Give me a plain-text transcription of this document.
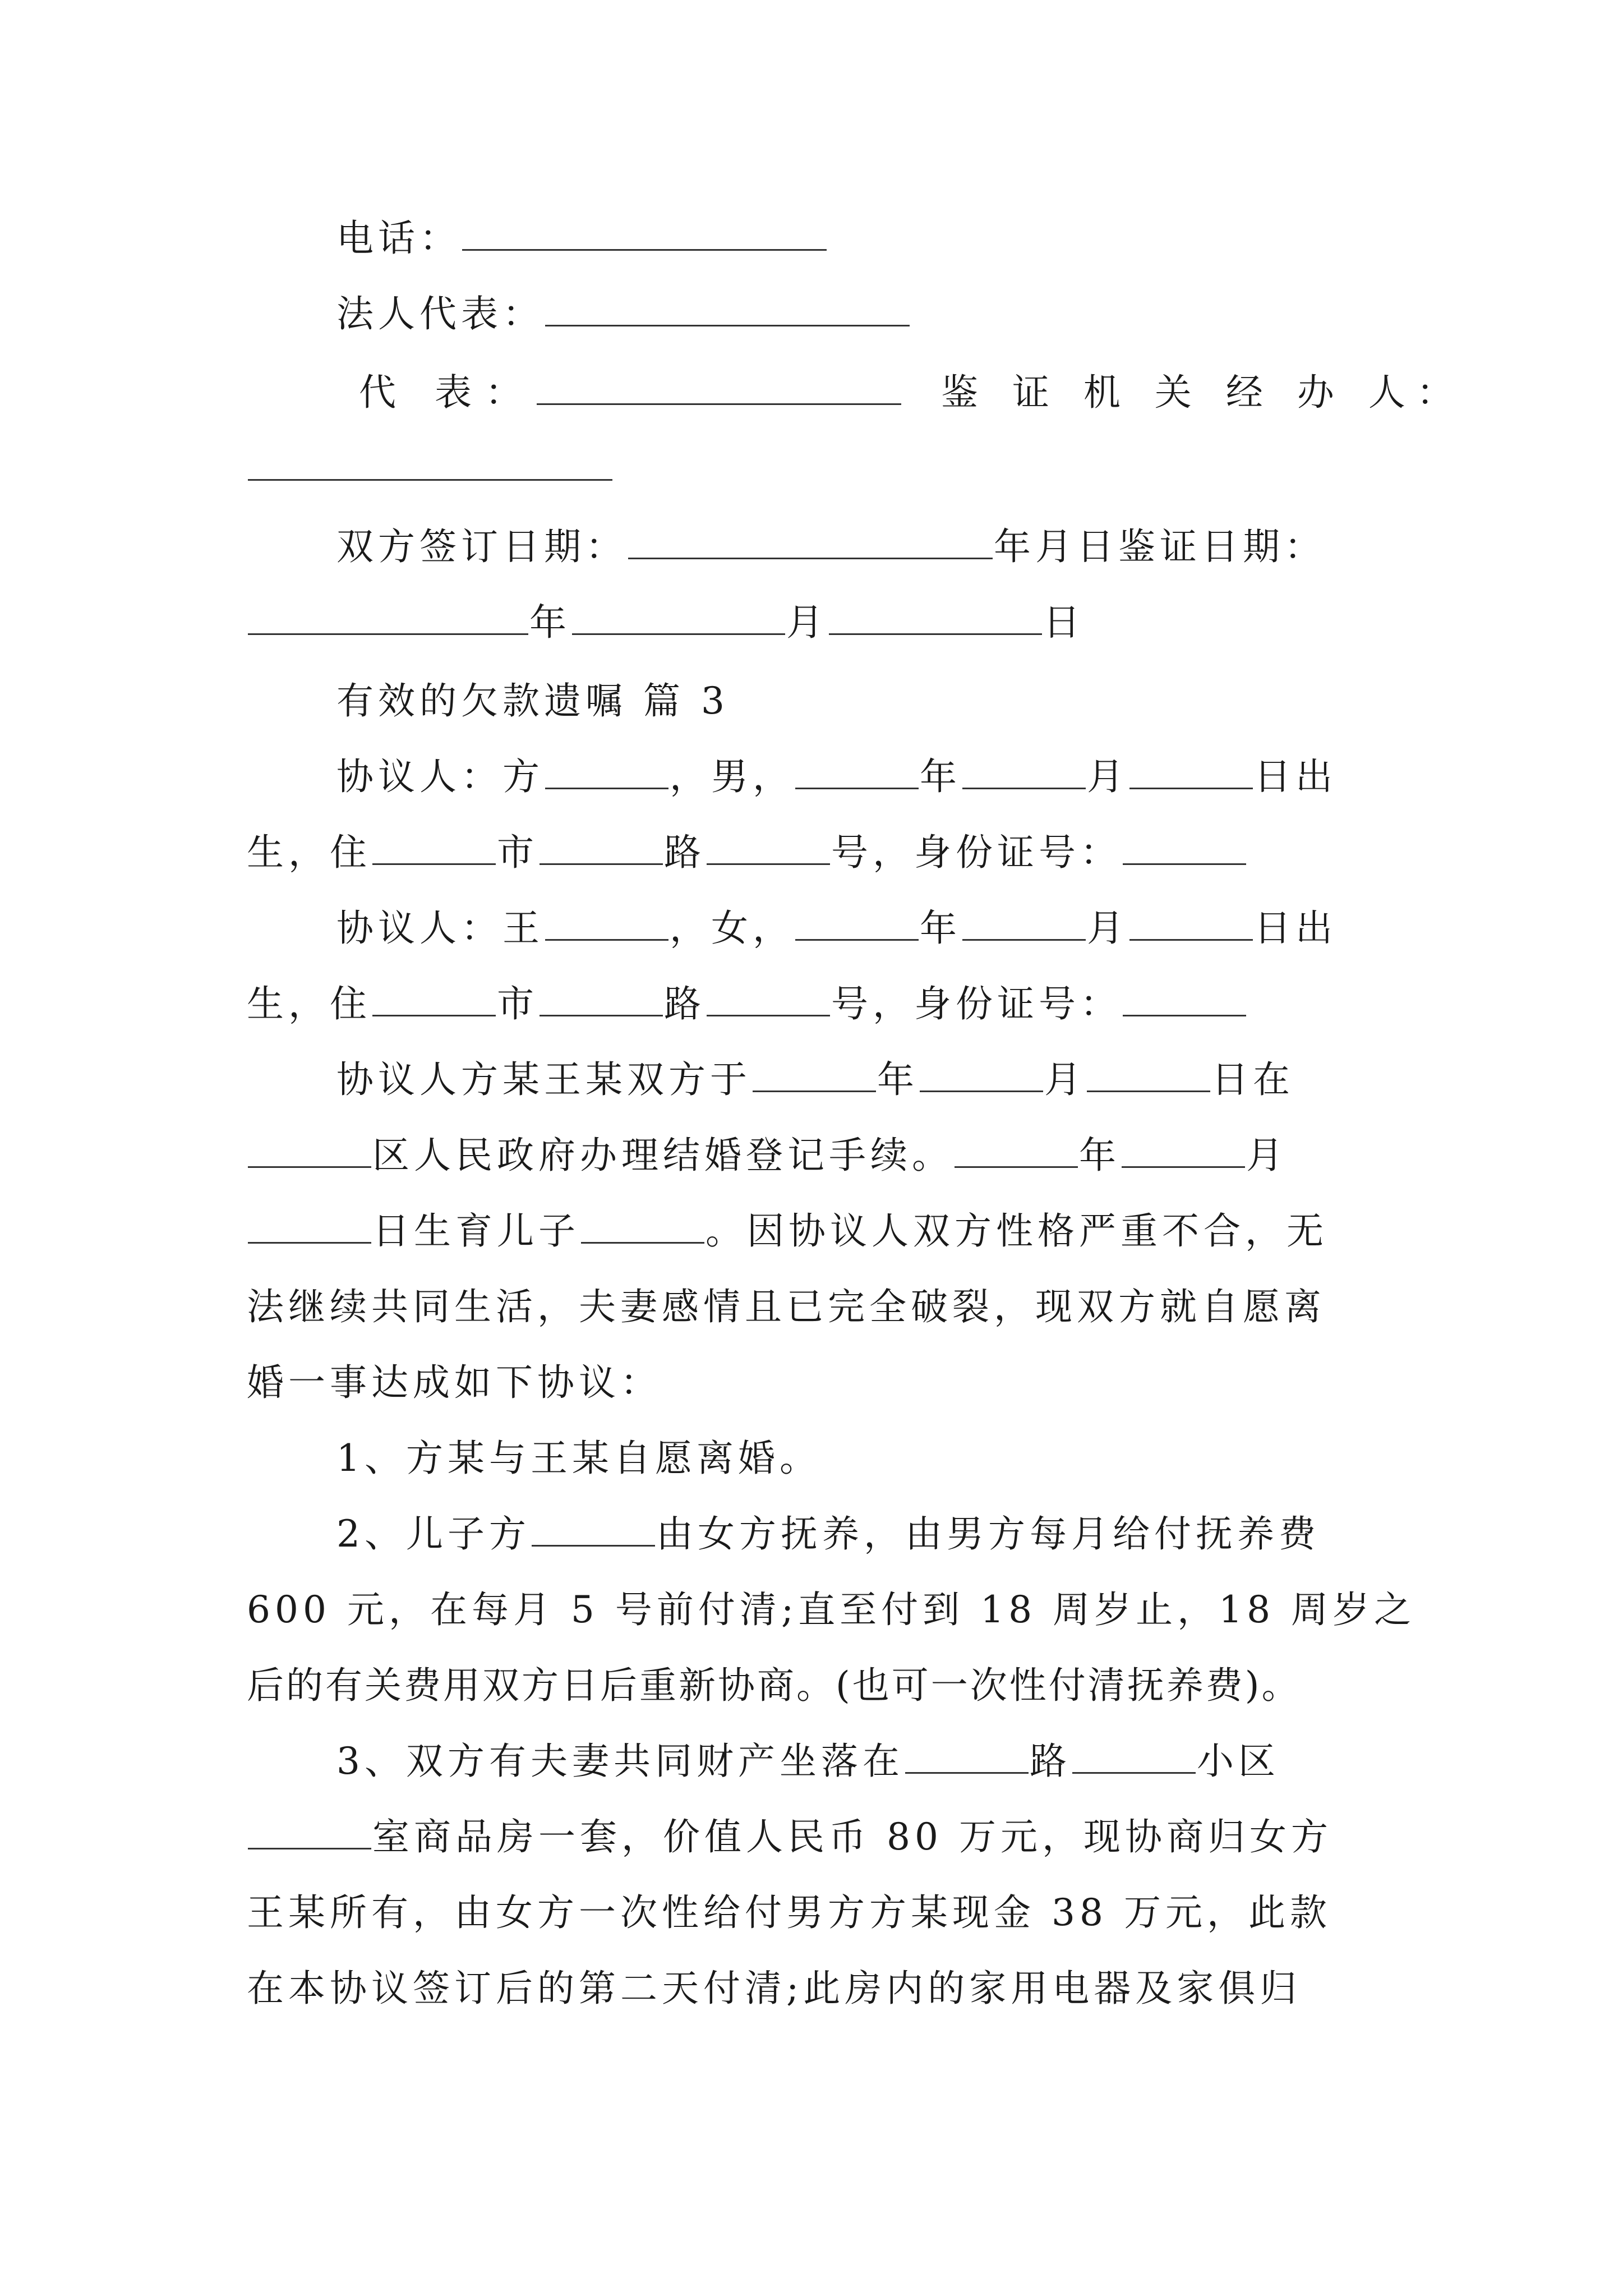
电话：
法人代表：
代 表：	鉴 证 机 关 经 办 人：
双方签订日期：	年月日鉴证日期：
年	月	日
有效的欠款遗嘱 篇 3
协议人：方	，男，	年	月	日出
生，住	市	路	号，身份证号：
协议人：王	，女，	年	月	日出
生，住	市	路	号，身份证号：
协议人方某王某双方于	年	月	日在
区人民政府办理结婚登记手续。	年	月
日生育儿子	。因协议人双方性格严重不合，无
法继续共同生活，夫妻感情且已完全破裂，现双方就自愿离
婚一事达成如下协议：
1、方某与王某自愿离婚。
2、儿子方	由女方抚养，由男方每月给付抚养费
600 元，在每月 5 号前付清;直至付到 18 周岁止，18 周岁之
后的有关费用双方日后重新协商。(也可一次性付清抚养费)。
3、双方有夫妻共同财产坐落在	路	小区
室商品房一套，价值人民币 80 万元，现协商归女方
王某所有，由女方一次性给付男方方某现金 38 万元，此款
在本协议签订后的第二天付清;此房内的家用电器及家俱归
